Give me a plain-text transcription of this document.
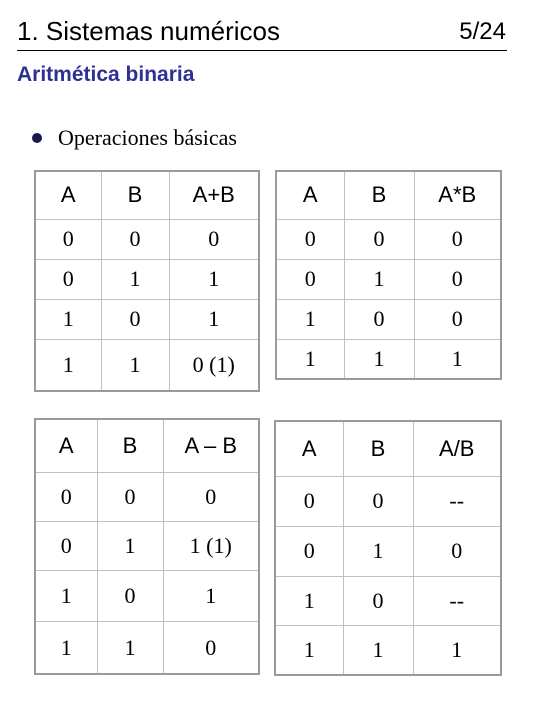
1. Sistemas numéricos	5/24
Aritmética binaria
Operaciones básicas
A	B	A+B
0	0	0
0	1	1
1	0	1
1	1	0 (1)
A	B	A*B
0	0	0
0	1	0
1	0	0
1	1	1
A	B	A – B
0	0	0
0	1	1 (1)
1	0	1
1	1	0
A	B	A/B
0	0	--
0	1	0
1	0	--
1	1	1
